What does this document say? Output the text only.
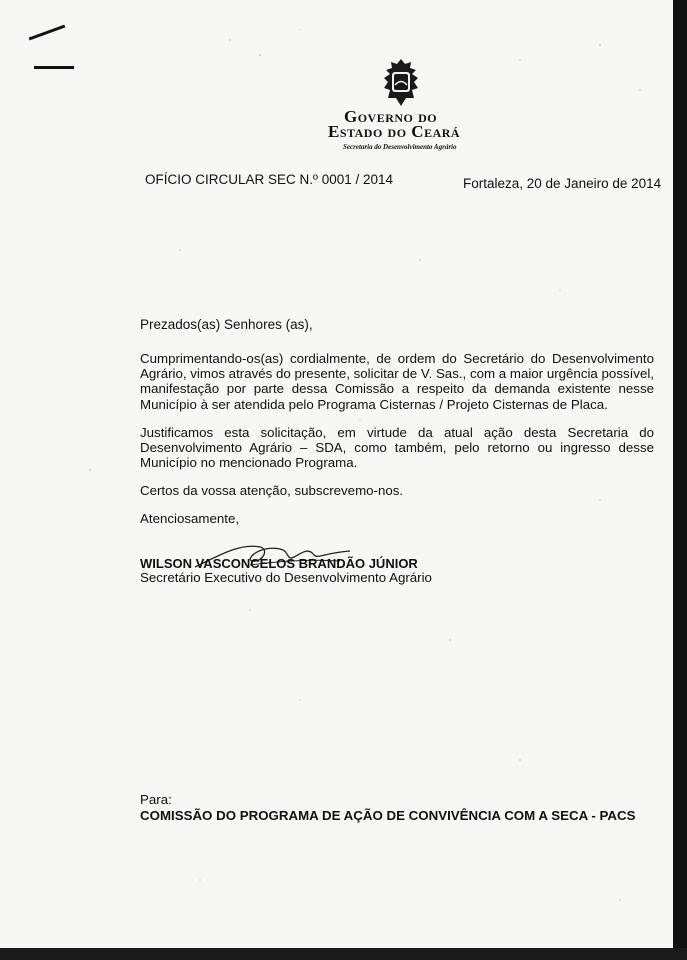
Governo do
Estado do Ceará
Secretaria do Desenvolvimento Agrário
OFÍCIO CIRCULAR SEC N.º 0001 / 2014	Fortaleza, 20 de Janeiro de 2014
Prezados(as) Senhores (as),
Cumprimentando-os(as) cordialmente, de ordem do Secretário do Desenvolvimento Agrário, vimos através do presente, solicitar de V. Sas., com a maior urgência possível, manifestação por parte dessa Comissão a respeito da demanda existente nesse Município à ser atendida pelo Programa Cisternas / Projeto Cisternas de Placa.
Justificamos esta solicitação, em virtude da atual ação desta Secretaria do Desenvolvimento Agrário – SDA, como também, pelo retorno ou ingresso desse Município no mencionado Programa.
Certos da vossa atenção, subscrevemo-nos.
Atenciosamente,
WILSON VASCONCELOS BRANDÃO JÚNIOR
Secretário Executivo do Desenvolvimento Agrário
Para:
COMISSÃO DO PROGRAMA DE AÇÃO DE CONVIVÊNCIA COM A SECA - PACS
